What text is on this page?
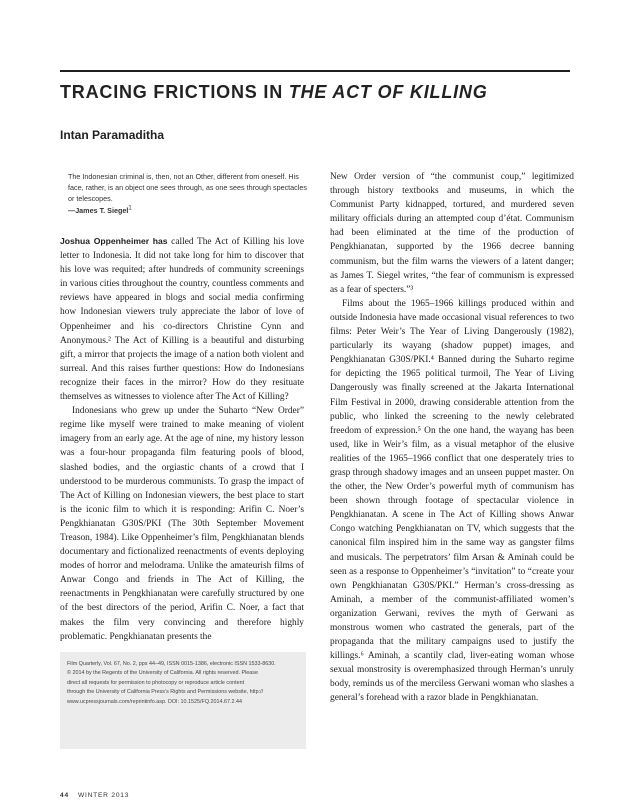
TRACING FRICTIONS IN THE ACT OF KILLING
Intan Paramaditha
The Indonesian criminal is, then, not an Other, different from oneself. His face, rather, is an object one sees through, as one sees through spectacles or telescopes.
—James T. Siegel$^1$

Joshua Oppenheimer has called The Act of Killing his love letter to Indonesia. It did not take long for him to discover that his love was requited; after hundreds of community screenings in various cities throughout the country, countless comments and reviews have appeared in blogs and social media confirming how Indonesian viewers truly appreciate the labor of love of Oppenheimer and his co-directors Christine Cynn and Anonymous.² The Act of Killing is a beautiful and disturbing gift, a mirror that projects the image of a nation both violent and surreal. And this raises further questions: How do Indonesians recognize their faces in the mirror? How do they resituate themselves as witnesses to violence after The Act of Killing?

Indonesians who grew up under the Suharto “New Order” regime like myself were trained to make meaning of violent imagery from an early age. At the age of nine, my history lesson was a four-hour propaganda film featuring pools of blood, slashed bodies, and the orgiastic chants of a crowd that I understood to be murderous communists. To grasp the impact of The Act of Killing on Indonesian viewers, the best place to start is the iconic film to which it is responding: Arifin C. Noer’s Pengkhianatan G30S/PKI (The 30th September Movement Treason, 1984). Like Oppenheimer’s film, Pengkhianatan blends documentary and fictionalized reenactments of events deploying modes of horror and melodrama. Unlike the amateurish films of Anwar Congo and friends in The Act of Killing, the reenactments in Pengkhianatan were carefully structured by one of the best directors of the period, Arifin C. Noer, a fact that makes the film very convincing and therefore highly problematic. Pengkhianatan presents the

New Order version of “the communist coup,” legitimized through history textbooks and museums, in which the Communist Party kidnapped, tortured, and murdered seven military officials during an attempted coup d’état. Communism had been eliminated at the time of the production of Pengkhianatan, supported by the 1966 decree banning communism, but the film warns the viewers of a latent danger; as James T. Siegel writes, “the fear of communism is expressed as a fear of specters.”³

Films about the 1965–1966 killings produced within and outside Indonesia have made occasional visual references to two films: Peter Weir’s The Year of Living Dangerously (1982), particularly its wayang (shadow puppet) images, and Pengkhianatan G30S/PKI.⁴ Banned during the Suharto regime for depicting the 1965 political turmoil, The Year of Living Dangerously was finally screened at the Jakarta International Film Festival in 2000, drawing considerable attention from the public, who linked the screening to the newly celebrated freedom of expression.⁵ On the one hand, the wayang has been used, like in Weir’s film, as a visual metaphor of the elusive realities of the 1965–1966 conflict that one desperately tries to grasp through shadowy images and an unseen puppet master. On the other, the New Order’s powerful myth of communism has been shown through footage of spectacular violence in Pengkhianatan. A scene in The Act of Killing shows Anwar Congo watching Pengkhianatan on TV, which suggests that the canonical film inspired him in the same way as gangster films and musicals. The perpetrators’ film Arsan & Aminah could be seen as a response to Oppenheimer’s “invitation” to “create your own Pengkhianatan G30S/PKI.” Herman’s cross-dressing as Aminah, a member of the communist-affiliated women’s organization Gerwani, revives the myth of Gerwani as monstrous women who castrated the generals, part of the propaganda that the military campaigns used to justify the killings.⁶ Aminah, a scantily clad, liver-eating woman whose sexual monstrosity is overemphasized through Herman’s unruly body, reminds us of the merciless Gerwani woman who slashes a general’s forehead with a razor blade in Pengkhianatan.

Film Quarterly, Vol. 67, No. 2, pps 44–49, ISSN 0015-1386, electronic ISSN 1533-8630.
© 2014 by the Regents of the University of California. All rights reserved. Please
direct all requests for permission to photocopy or reproduce article content
through the University of California Press’s Rights and Permissions website, http://
www.ucpressjournals.com/reprintinfo.asp. DOI: 10.1525/FQ.2014.67.2.44
44 WINTER 2013
